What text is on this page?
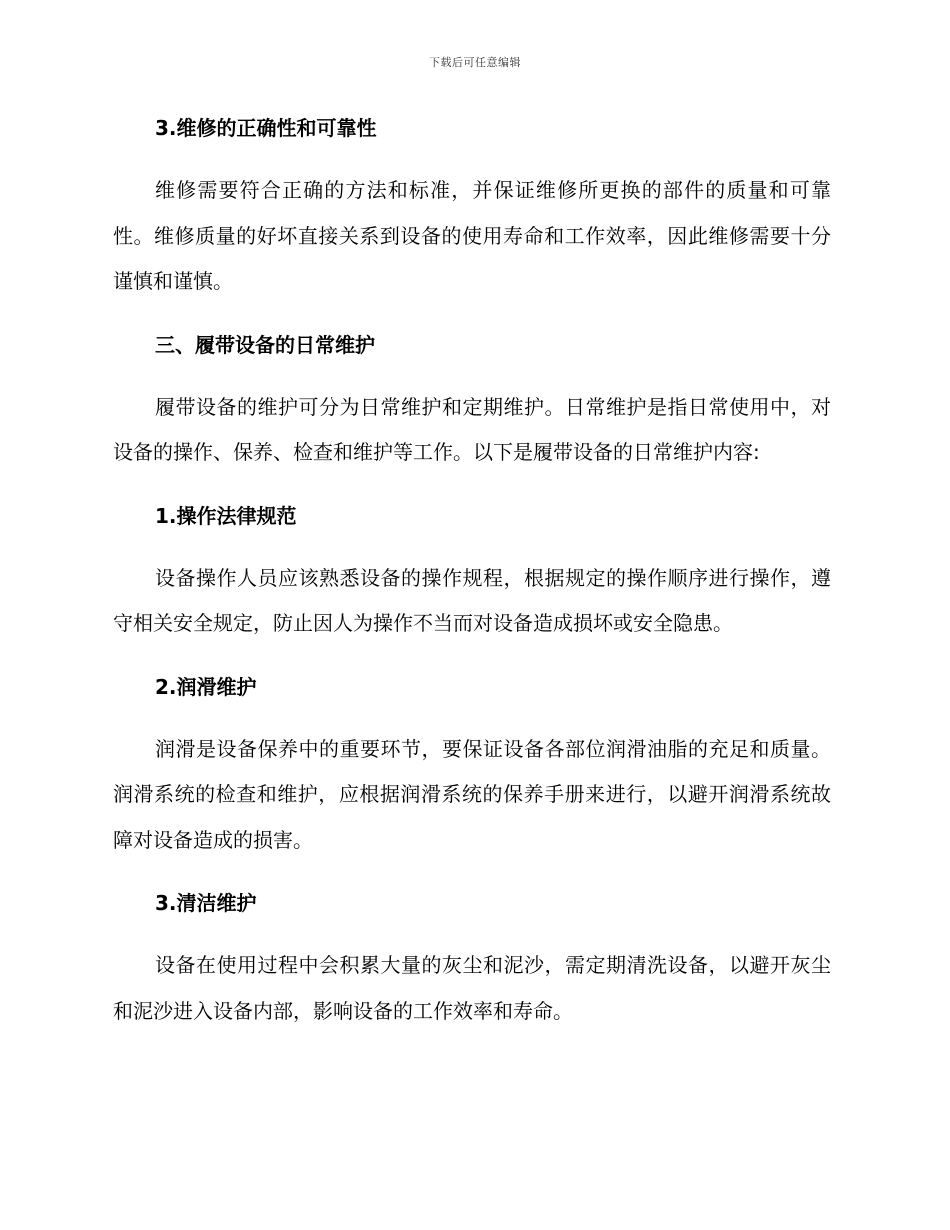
下载后可任意编辑
3.维修的正确性和可靠性
维修需要符合正确的方法和标准，并保证维修所更换的部件的质量和可靠性。维修质量的好坏直接关系到设备的使用寿命和工作效率，因此维修需要十分谨慎和谨慎。
三、履带设备的日常维护
履带设备的维护可分为日常维护和定期维护。日常维护是指日常使用中，对设备的操作、保养、检查和维护等工作。以下是履带设备的日常维护内容:
1.操作法律规范
设备操作人员应该熟悉设备的操作规程，根据规定的操作顺序进行操作，遵守相关安全规定，防止因人为操作不当而对设备造成损坏或安全隐患。
2.润滑维护
润滑是设备保养中的重要环节，要保证设备各部位润滑油脂的充足和质量。润滑系统的检查和维护，应根据润滑系统的保养手册来进行，以避开润滑系统故障对设备造成的损害。
3.清洁维护
设备在使用过程中会积累大量的灰尘和泥沙，需定期清洗设备，以避开灰尘和泥沙进入设备内部，影响设备的工作效率和寿命。
